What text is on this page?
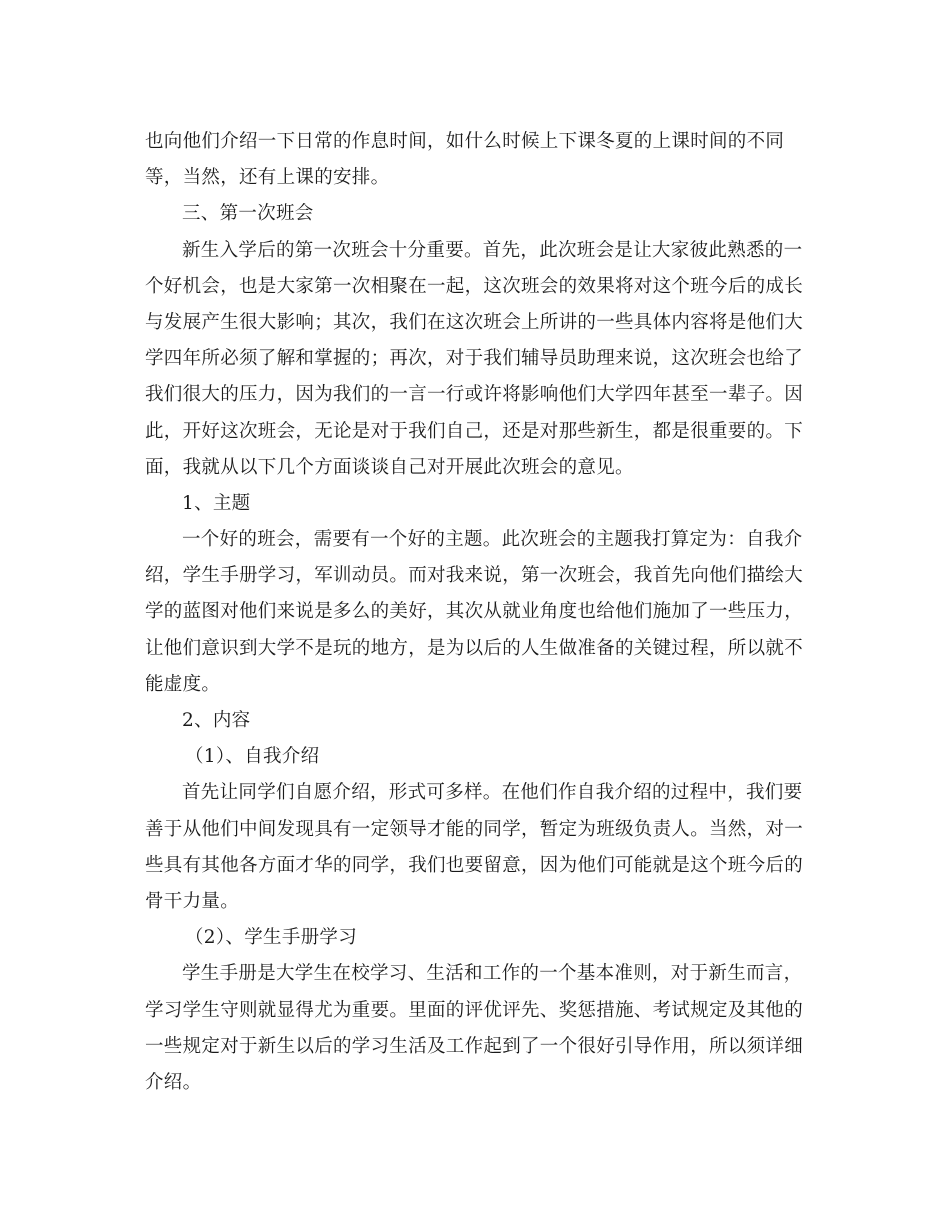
也向他们介绍一下日常的作息时间，如什么时候上下课冬夏的上课时间的不同
等，当然，还有上课的安排。
三、第一次班会
新生入学后的第一次班会十分重要。首先，此次班会是让大家彼此熟悉的一
个好机会，也是大家第一次相聚在一起，这次班会的效果将对这个班今后的成长
与发展产生很大影响；其次，我们在这次班会上所讲的一些具体内容将是他们大
学四年所必须了解和掌握的；再次，对于我们辅导员助理来说，这次班会也给了
我们很大的压力，因为我们的一言一行或许将影响他们大学四年甚至一辈子。因
此，开好这次班会，无论是对于我们自己，还是对那些新生，都是很重要的。下
面，我就从以下几个方面谈谈自己对开展此次班会的意见。
1、主题
一个好的班会，需要有一个好的主题。此次班会的主题我打算定为：自我介
绍，学生手册学习，军训动员。而对我来说，第一次班会，我首先向他们描绘大
学的蓝图对他们来说是多么的美好，其次从就业角度也给他们施加了一些压力，
让他们意识到大学不是玩的地方，是为以后的人生做准备的关键过程，所以就不
能虚度。
2、内容
（1）、自我介绍
首先让同学们自愿介绍，形式可多样。在他们作自我介绍的过程中，我们要
善于从他们中间发现具有一定领导才能的同学，暂定为班级负责人。当然，对一
些具有其他各方面才华的同学，我们也要留意，因为他们可能就是这个班今后的
骨干力量。
（2）、学生手册学习
学生手册是大学生在校学习、生活和工作的一个基本准则，对于新生而言，
学习学生守则就显得尤为重要。里面的评优评先、奖惩措施、考试规定及其他的
一些规定对于新生以后的学习生活及工作起到了一个很好引导作用，所以须详细
介绍。
